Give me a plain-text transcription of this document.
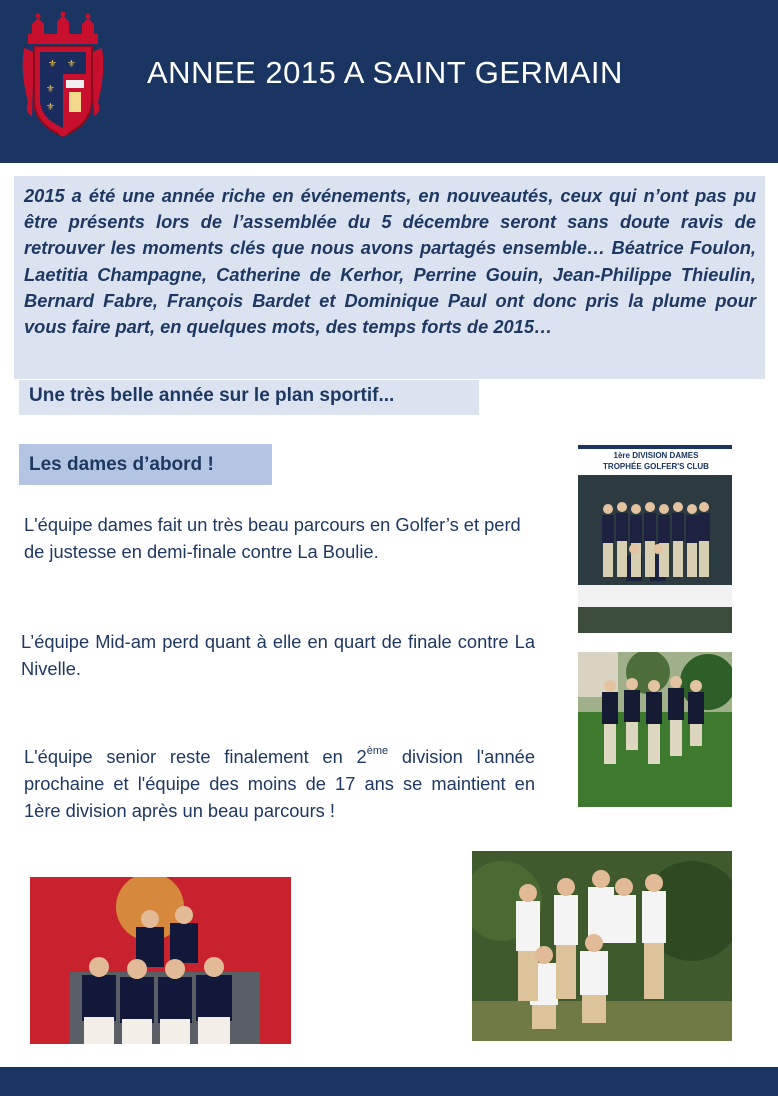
⚜ ⚜
⚜
⚜
ANNEE 2015 A SAINT GERMAIN

2015 a été une année riche en événements, en nouveautés, ceux qui n’ont pas pu être présents lors de l’assemblée du 5 décembre seront sans doute ravis de retrouver les moments clés que nous avons partagés ensemble… Béatrice Foulon, Laetitia Champagne, Catherine de Kerhor, Perrine Gouin, Jean-Philippe Thieulin, Bernard Fabre, François Bardet et Dominique Paul ont donc pris la plume pour vous faire part, en quelques mots, des temps forts de 2015…

Une très belle année sur le plan sportif...
Les dames d’abord !

L'équipe dames fait un très beau parcours en Golfer’s et perd de justesse en demi-finale contre La Boulie.

L’équipe Mid-am perd quant à elle en quart de finale contre La Nivelle.

L'équipe senior reste finalement en 2ème division l'année prochaine et l'équipe des moins de 17 ans se maintient en 1ère division après un beau parcours !

1ère DIVISION DAMES
TROPHÉE GOLFER'S CLUB
